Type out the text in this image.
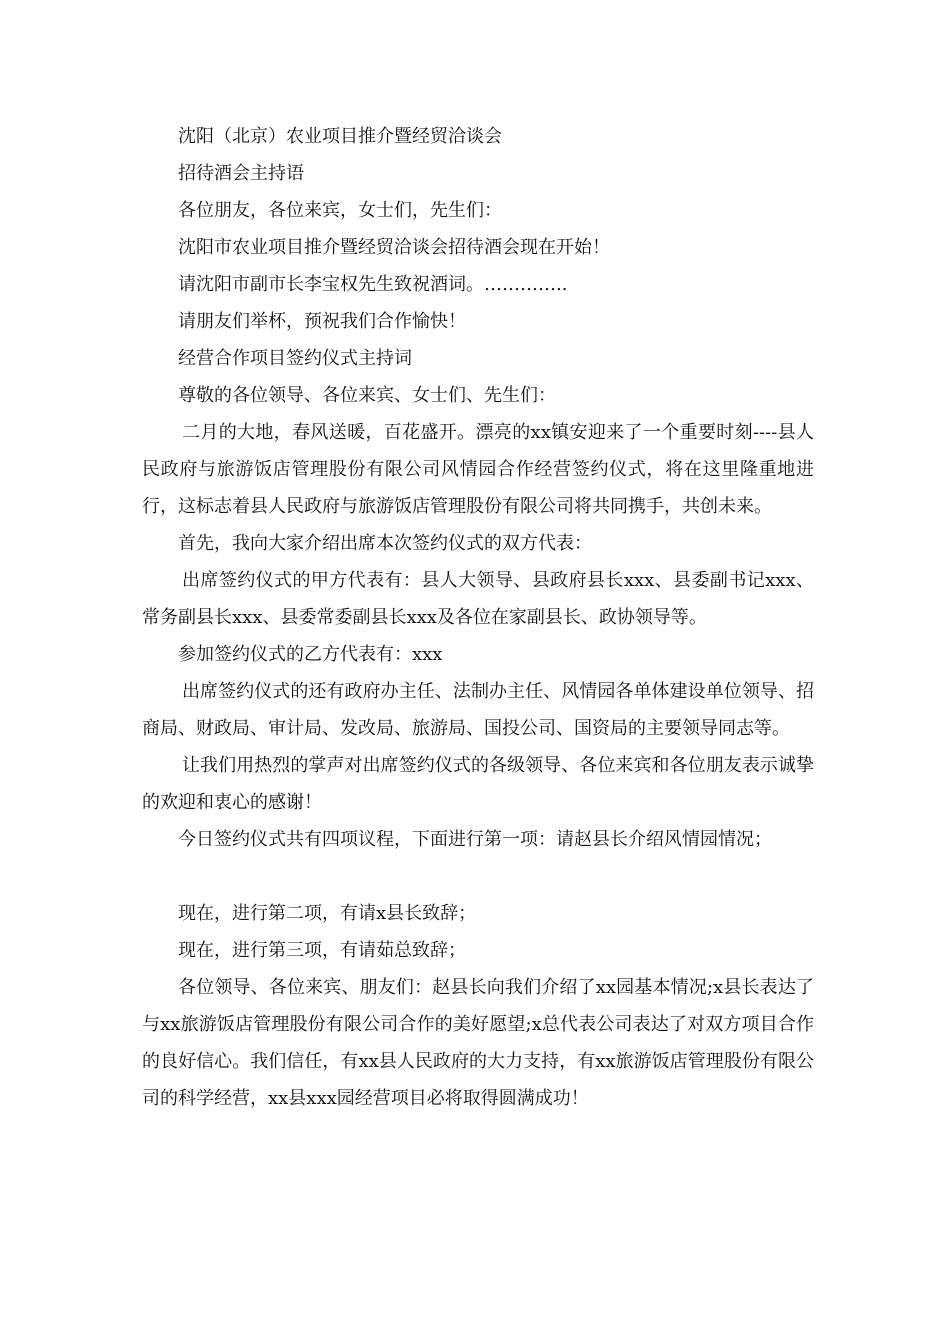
沈阳（北京）农业项目推介暨经贸洽谈会

招待酒会主持语

各位朋友，各位来宾，女士们，先生们：

沈阳市农业项目推介暨经贸洽谈会招待酒会现在开始！

请沈阳市副市长李宝权先生致祝酒词。…………..

请朋友们举杯，预祝我们合作愉快！

经营合作项目签约仪式主持词

尊敬的各位领导、各位来宾、女士们、先生们：

二月的大地，春风送暖，百花盛开。漂亮的xx镇安迎来了一个重要时刻----县人民政府与旅游饭店管理股份有限公司风情园合作经营签约仪式，将在这里隆重地进行，这标志着县人民政府与旅游饭店管理股份有限公司将共同携手，共创未来。

首先，我向大家介绍出席本次签约仪式的双方代表：

出席签约仪式的甲方代表有：县人大领导、县政府县长xxx、县委副书记xxx、常务副县长xxx、县委常委副县长xxx及各位在家副县长、政协领导等。

参加签约仪式的乙方代表有：xxx

出席签约仪式的还有政府办主任、法制办主任、风情园各单体建设单位领导、招商局、财政局、审计局、发改局、旅游局、国投公司、国资局的主要领导同志等。

让我们用热烈的掌声对出席签约仪式的各级领导、各位来宾和各位朋友表示诚挚的欢迎和衷心的感谢！

今日签约仪式共有四项议程，下面进行第一项：请赵县长介绍风情园情况；

现在，进行第二项，有请x县长致辞；

现在，进行第三项，有请茹总致辞；

各位领导、各位来宾、朋友们：赵县长向我们介绍了xx园基本情况;x县长表达了与xx旅游饭店管理股份有限公司合作的美好愿望;x总代表公司表达了对双方项目合作的良好信心。我们信任，有xx县人民政府的大力支持，有xx旅游饭店管理股份有限公司的科学经营，xx县xxx园经营项目必将取得圆满成功！
